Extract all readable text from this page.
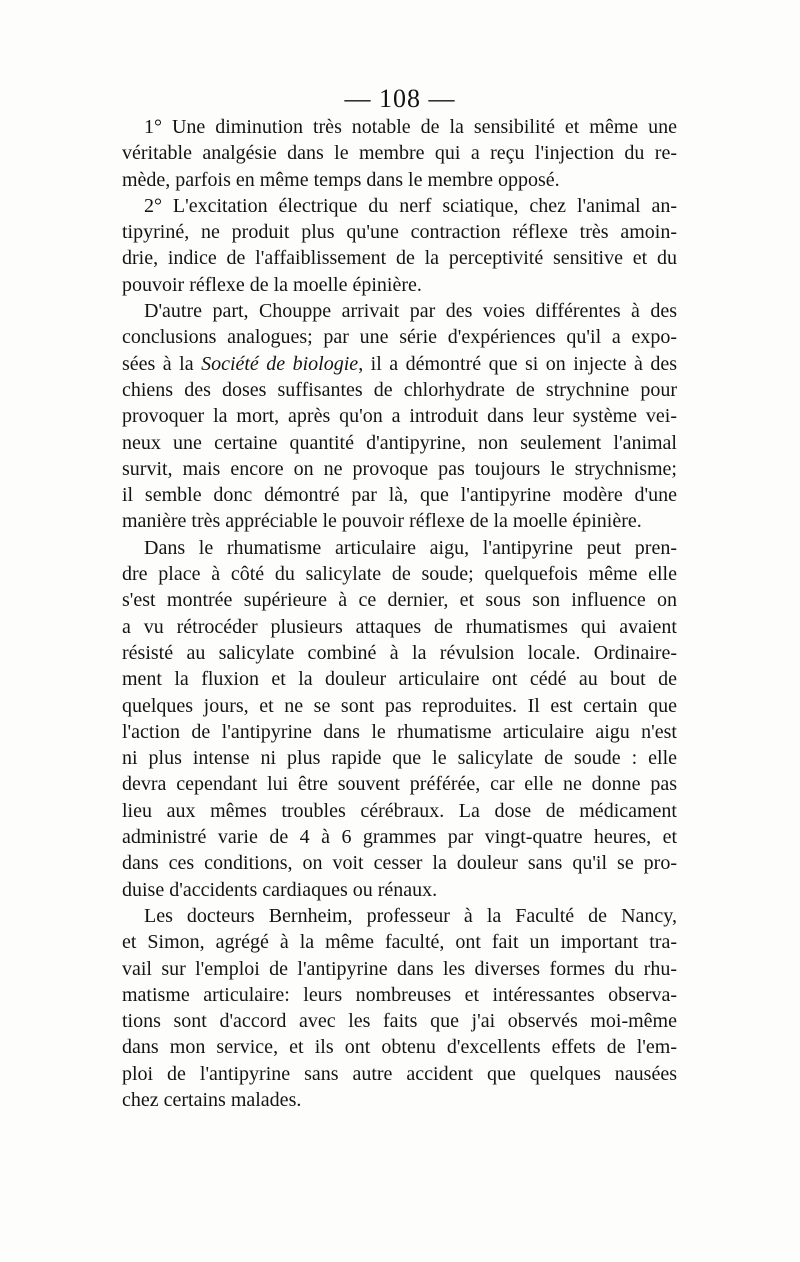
— 108 —
1° Une diminution très notable de la sensibilité et même une
véritable analgésie dans le membre qui a reçu l'injection du re-
mède, parfois en même temps dans le membre opposé.
2° L'excitation électrique du nerf sciatique, chez l'animal an-
tipyriné, ne produit plus qu'une contraction réflexe très amoin-
drie, indice de l'affaiblissement de la perceptivité sensitive et du
pouvoir réflexe de la moelle épinière.
D'autre part, Chouppe arrivait par des voies différentes à des
conclusions analogues; par une série d'expériences qu'il a expo-
sées à la Société de biologie, il a démontré que si on injecte à des
chiens des doses suffisantes de chlorhydrate de strychnine pour
provoquer la mort, après qu'on a introduit dans leur système vei-
neux une certaine quantité d'antipyrine, non seulement l'animal
survit, mais encore on ne provoque pas toujours le strychnisme;
il semble donc démontré par là, que l'antipyrine modère d'une
manière très appréciable le pouvoir réflexe de la moelle épinière.
Dans le rhumatisme articulaire aigu, l'antipyrine peut pren-
dre place à côté du salicylate de soude; quelquefois même elle
s'est montrée supérieure à ce dernier, et sous son influence on
a vu rétrocéder plusieurs attaques de rhumatismes qui avaient
résisté au salicylate combiné à la révulsion locale. Ordinaire-
ment la fluxion et la douleur articulaire ont cédé au bout de
quelques jours, et ne se sont pas reproduites. Il est certain que
l'action de l'antipyrine dans le rhumatisme articulaire aigu n'est
ni plus intense ni plus rapide que le salicylate de soude : elle
devra cependant lui être souvent préférée, car elle ne donne pas
lieu aux mêmes troubles cérébraux. La dose de médicament
administré varie de 4 à 6 grammes par vingt-quatre heures, et
dans ces conditions, on voit cesser la douleur sans qu'il se pro-
duise d'accidents cardiaques ou rénaux.
Les docteurs Bernheim, professeur à la Faculté de Nancy,
et Simon, agrégé à la même faculté, ont fait un important tra-
vail sur l'emploi de l'antipyrine dans les diverses formes du rhu-
matisme articulaire: leurs nombreuses et intéressantes observa-
tions sont d'accord avec les faits que j'ai observés moi-même
dans mon service, et ils ont obtenu d'excellents effets de l'em-
ploi de l'antipyrine sans autre accident que quelques nausées
chez certains malades.
